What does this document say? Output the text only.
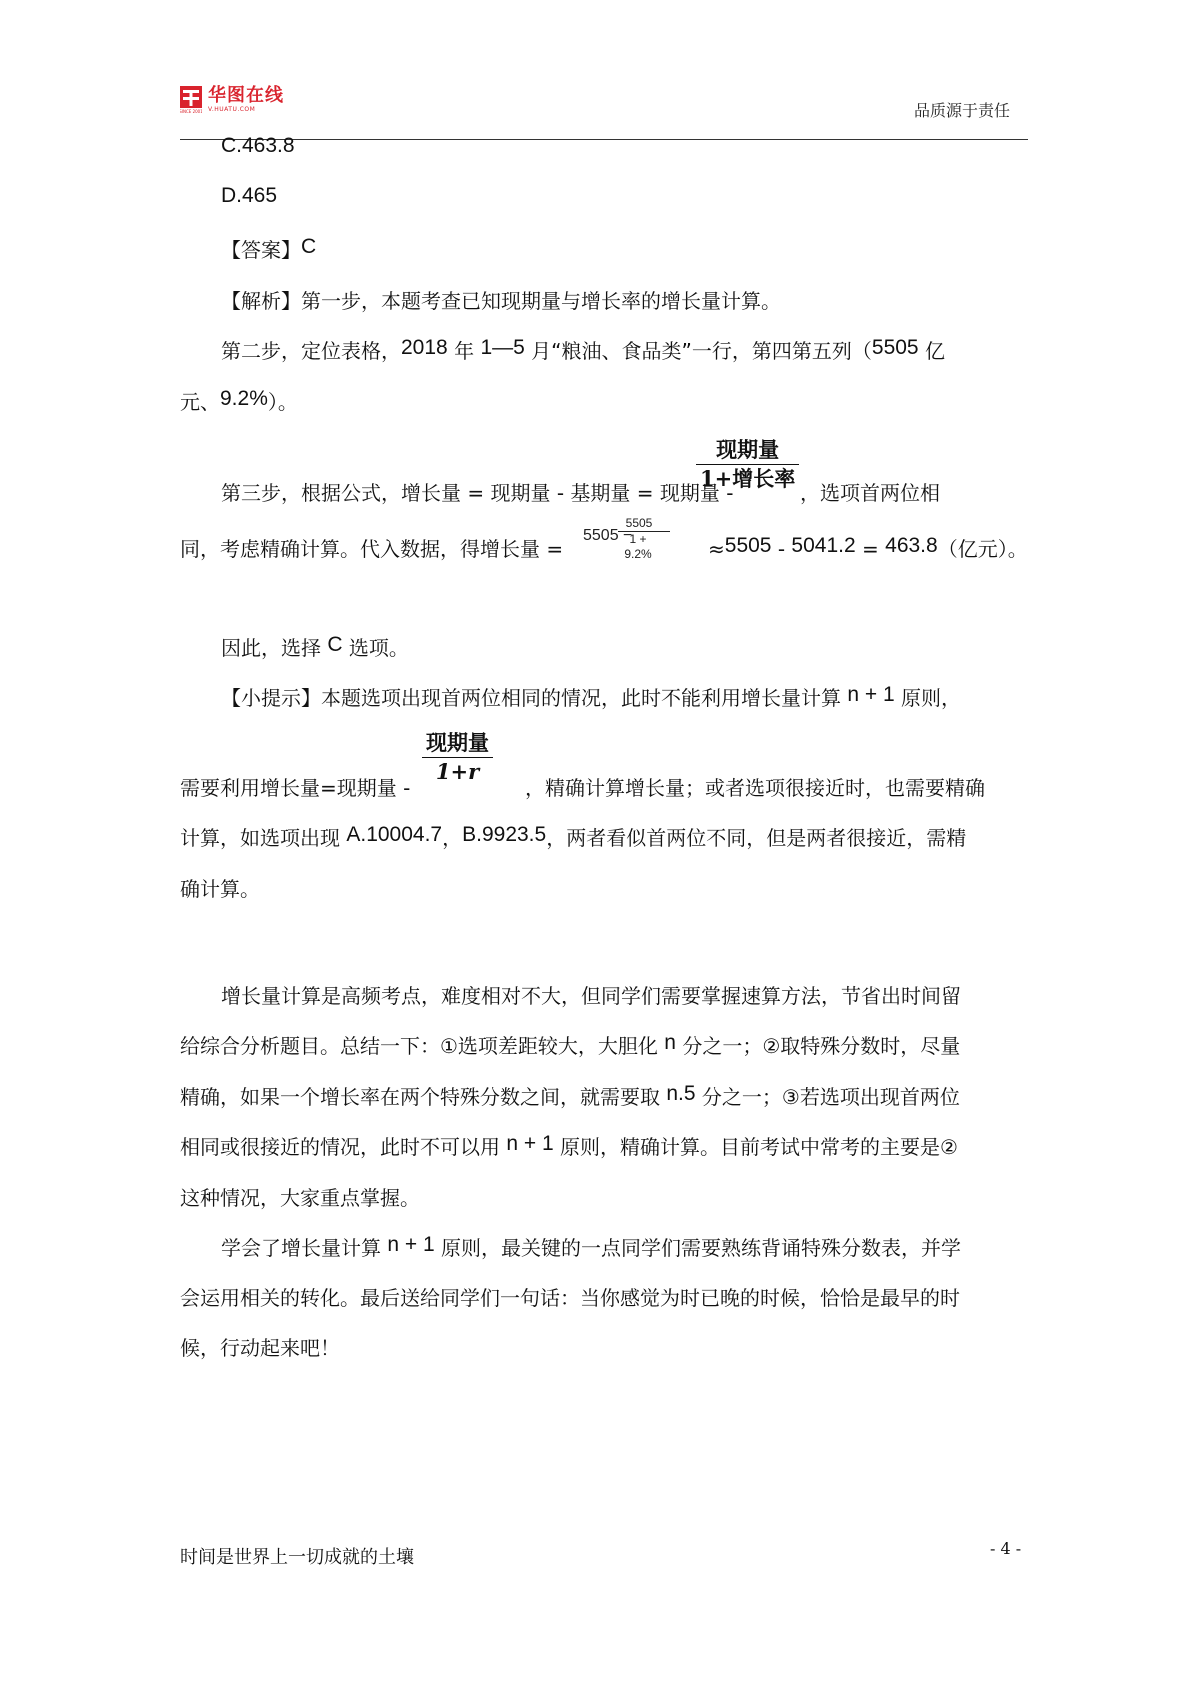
SINCE 2001
华图在线
V.HUATU.COM	品质源于责任
C.463.8
D.465
【答案】C
【解析】第一步，本题考查已知现期量与增长率的增长量计算。
第二步，定位表格，2018 年 1—5 月“粮油、食品类”一行，第四第五列（5505 亿
元、9.2%）。
现期量
1+增长率
第三步，根据公式，增长量 = 现期量 - 基期量 = 现期量 -	，选项首两位相
同，考虑精确计算。代入数据，得增长量 =
5505 −
5505
1 + 9.2%	≈5505 - 5041.2 = 463.8（亿元）。
因此，选择 C 选项。
【小提示】本题选项出现首两位相同的情况，此时不能利用增长量计算 n + 1 原则，
现期量
1+r
需要利用增长量=现期量 -	，精确计算增长量；或者选项很接近时，也需要精确
计算，如选项出现 A.10004.7，B.9923.5，两者看似首两位不同，但是两者很接近，需精
确计算。
增长量计算是高频考点，难度相对不大，但同学们需要掌握速算方法，节省出时间留
给综合分析题目。总结一下：①选项差距较大，大胆化 n 分之一；②取特殊分数时，尽量
精确，如果一个增长率在两个特殊分数之间，就需要取 n.5 分之一；③若选项出现首两位
相同或很接近的情况，此时不可以用 n + 1 原则，精确计算。目前考试中常考的主要是②
这种情况，大家重点掌握。
学会了增长量计算 n + 1 原则，最关键的一点同学们需要熟练背诵特殊分数表，并学
会运用相关的转化。最后送给同学们一句话：当你感觉为时已晚的时候，恰恰是最早的时
候，行动起来吧！
时间是世界上一切成就的土壤	- 4 -
